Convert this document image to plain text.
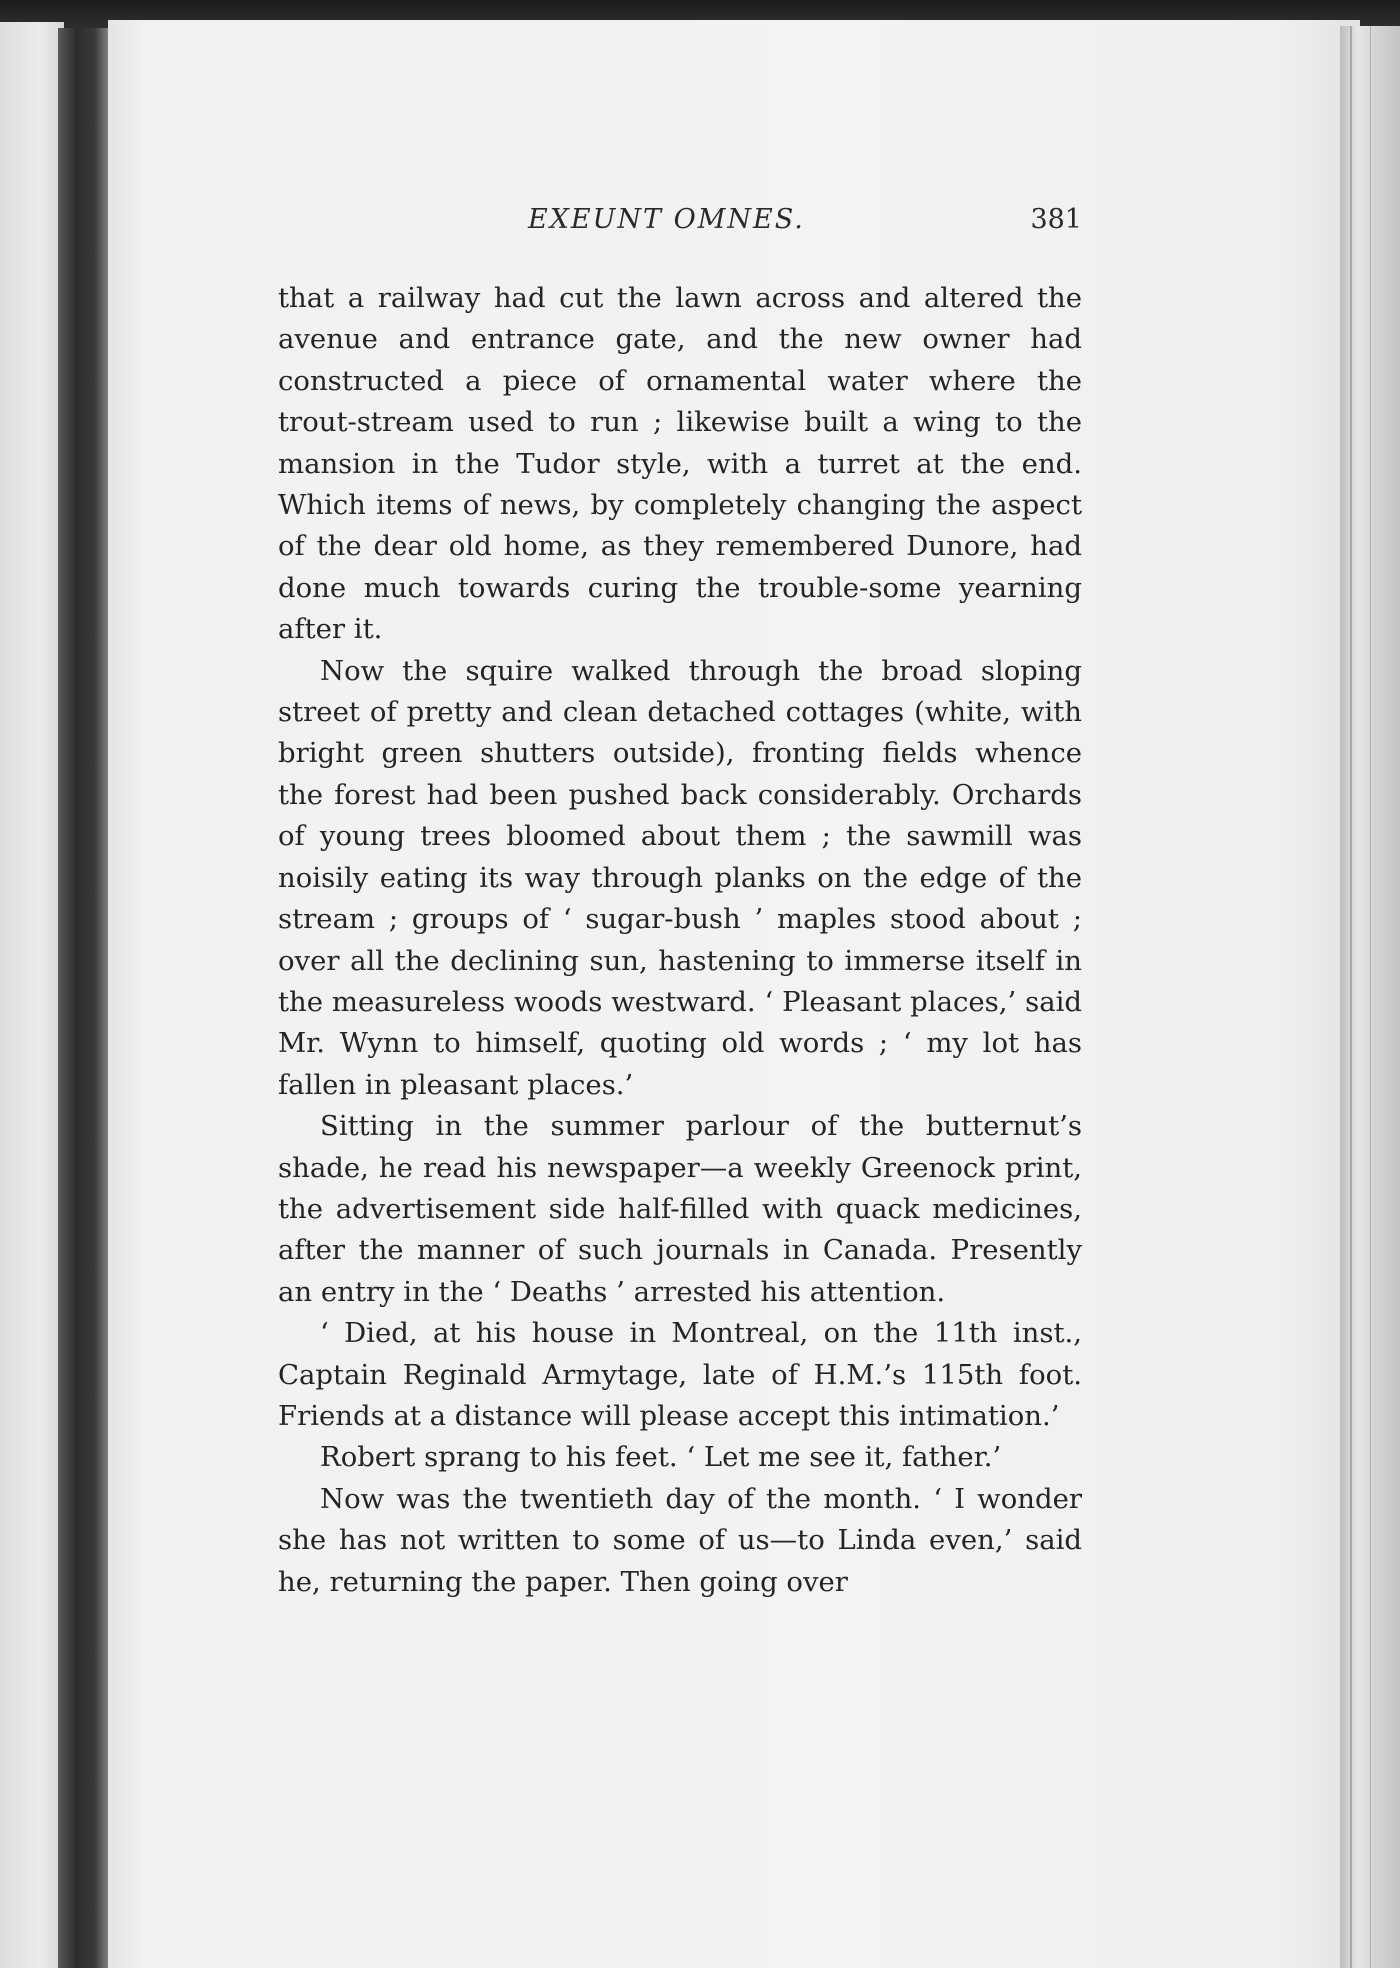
EXEUNT OMNES.	381

that a railway had cut the lawn across and altered the avenue and entrance gate, and the new owner had constructed a piece of ornamental water where the trout-stream used to run ; likewise built a wing to the mansion in the Tudor style, with a turret at the end. Which items of news, by completely changing the aspect of the dear old home, as they remembered Dunore, had done much towards curing the trouble-some yearning after it.

Now the squire walked through the broad sloping street of pretty and clean detached cottages (white, with bright green shutters outside), fronting fields whence the forest had been pushed back considerably. Orchards of young trees bloomed about them ; the sawmill was noisily eating its way through planks on the edge of the stream ; groups of ‘ sugar-bush ’ maples stood about ; over all the declining sun, hastening to immerse itself in the measureless woods westward. ‘ Pleasant places,’ said Mr. Wynn to himself, quoting old words ; ‘ my lot has fallen in pleasant places.’

Sitting in the summer parlour of the butternut’s shade, he read his newspaper—a weekly Greenock print, the advertisement side half-filled with quack medicines, after the manner of such journals in Canada. Presently an entry in the ‘ Deaths ’ arrested his attention.

‘ Died, at his house in Montreal, on the 11th inst., Captain Reginald Armytage, late of H.M.’s 115th foot. Friends at a distance will please accept this intimation.’

Robert sprang to his feet. ‘ Let me see it, father.’

Now was the twentieth day of the month. ‘ I wonder she has not written to some of us—to Linda even,’ said he, returning the paper. Then going over
